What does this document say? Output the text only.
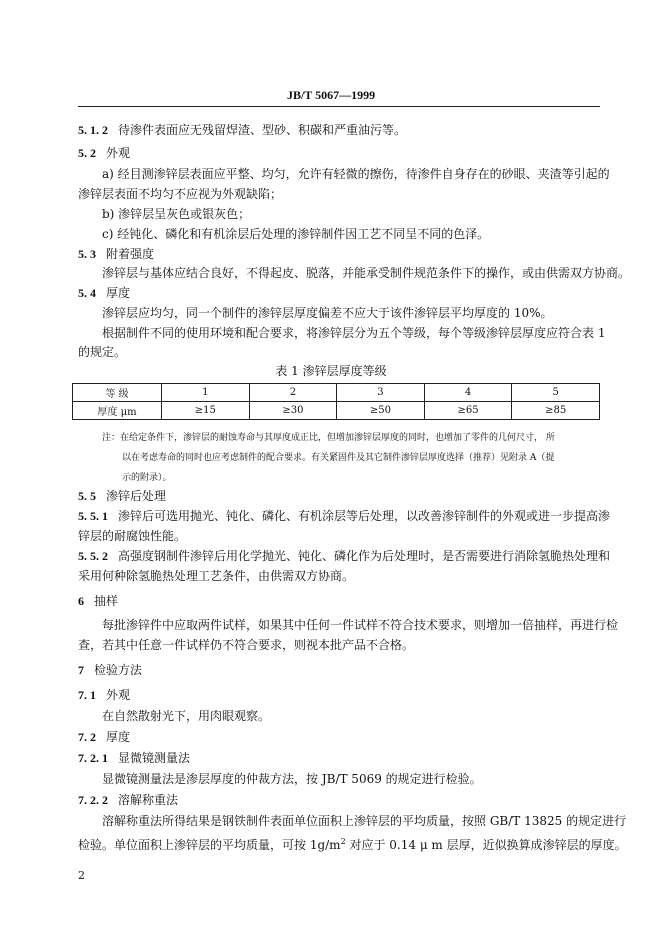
JB/T 5067—1999
5. 1. 2 待渗件表面应无残留焊渣、型砂、积碳和严重油污等。
5. 2 外观
a) 经目测渗锌层表面应平整、均匀，允许有轻微的擦伤，待渗件自身存在的砂眼、夹渣等引起的
渗锌层表面不均匀不应视为外观缺陷；
b) 渗锌层呈灰色或银灰色；
c) 经钝化、磷化和有机涂层后处理的渗锌制件因工艺不同呈不同的色泽。
5. 3 附着强度
渗锌层与基体应结合良好，不得起皮、脱落，并能承受制件规范条件下的操作，或由供需双方协商。
5. 4 厚度
渗锌层应均匀，同一个制件的渗锌层厚度偏差不应大于该件渗锌层平均厚度的 10%。
根据制件不同的使用环境和配合要求，将渗锌层分为五个等级，每个等级渗锌层厚度应符合表 1
的规定。
表 1 渗锌层厚度等级
等 级	1	2	3	4	5
厚度 μm	≥15	≥30	≥50	≥65	≥85
注：在给定条件下，渗锌层的耐蚀寿命与其厚度成正比，但增加渗锌层厚度的同时，也增加了零件的几何尺寸， 所
以在考虑寿命的同时也应考虑制件的配合要求。有关紧固件及其它制件渗锌层厚度选择（推荐）见附录 A（提
示的附录）。
5. 5 渗锌后处理
5. 5. 1 渗锌后可选用抛光、钝化、磷化、有机涂层等后处理，以改善渗锌制件的外观或进一步提高渗
锌层的耐腐蚀性能。
5. 5. 2 高强度钢制件渗锌后用化学抛光、钝化、磷化作为后处理时，是否需要进行消除氢脆热处理和
采用何种除氢脆热处理工艺条件，由供需双方协商。
6 抽样
每批渗锌件中应取两件试样，如果其中任何一件试样不符合技术要求，则增加一倍抽样，再进行检
查，若其中任意一件试样仍不符合要求，则视本批产品不合格。
7 检验方法
7. 1 外观
在自然散射光下，用肉眼观察。
7. 2 厚度
7. 2. 1 显微镜测量法
显微镜测量法是渗层厚度的仲裁方法，按 JB/T 5069 的规定进行检验。
7. 2. 2 溶解称重法
溶解称重法所得结果是钢铁制件表面单位面积上渗锌层的平均质量，按照 GB/T 13825 的规定进行
检验。单位面积上渗锌层的平均质量，可按 $1g/m^2$ 对应于 0.14 μ m 层厚，近似换算成渗锌层的厚度。
2
